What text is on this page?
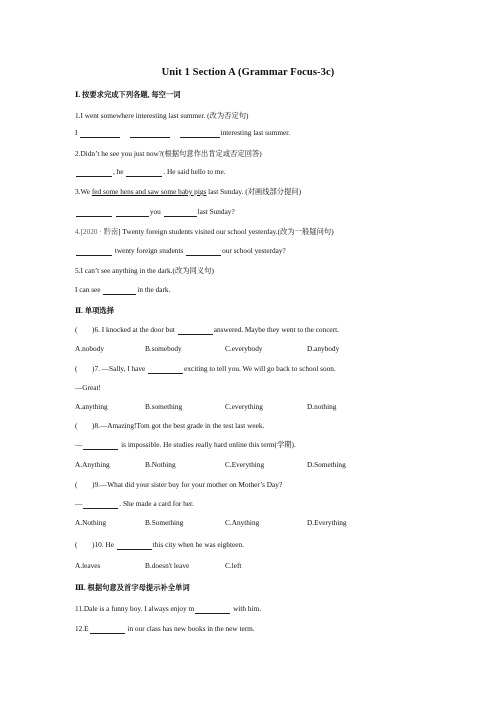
Unit 1 Section A (Grammar Focus-3c)
Ⅰ. 按要求完成下列各题, 每空一词
1.I went somewhere interesting last summer. (改为否定句)
I	interesting last summer.
2.Didn’t he see you just now?(根据句意作出肯定或否定回答)
, he	. He said hello to me.
3.We fed some hens and saw some baby pigs last Sunday. (对画线部分提问)
you	last Sunday?
4.[2020 · 黔南] Twenty foreign students visited our school yesterday.(改为一般疑问句)
twenty foreign students	our school yesterday?
5.I can’t see anything in the dark.(改为同义句)
I can see	in the dark.
Ⅱ. 单项选择
(　　)6. I knocked at the door but	answered. Maybe they went to the concert.
A.nobody	B.somebody	C.everybody	D.anybody
(　　)7. —Sally, I have	exciting to tell you. We will go back to school soon.
—Great!
A.anything	B.something	C.everything	D.nothing
(　　)8.—Amazing!Tom got the best grade in the test last week.
—	is impossible. He studies really hard online this term(学期).
A.Anything	B.Nothing	C.Everything	D.Something
(　　)9.—What did your sister buy for your mother on Mother’s Day?
—	. She made a card for her.
A.Nothing	B.Something	C.Anything	D.Everything
(　　)10. He	this city when he was eighteen.
A.leaves	B.doesn't leave	C.left
Ⅲ. 根据句意及首字母提示补全单词
11.Dale is a funny boy. I always enjoy m	with him.
12.E	in our class has new books in the new term.
